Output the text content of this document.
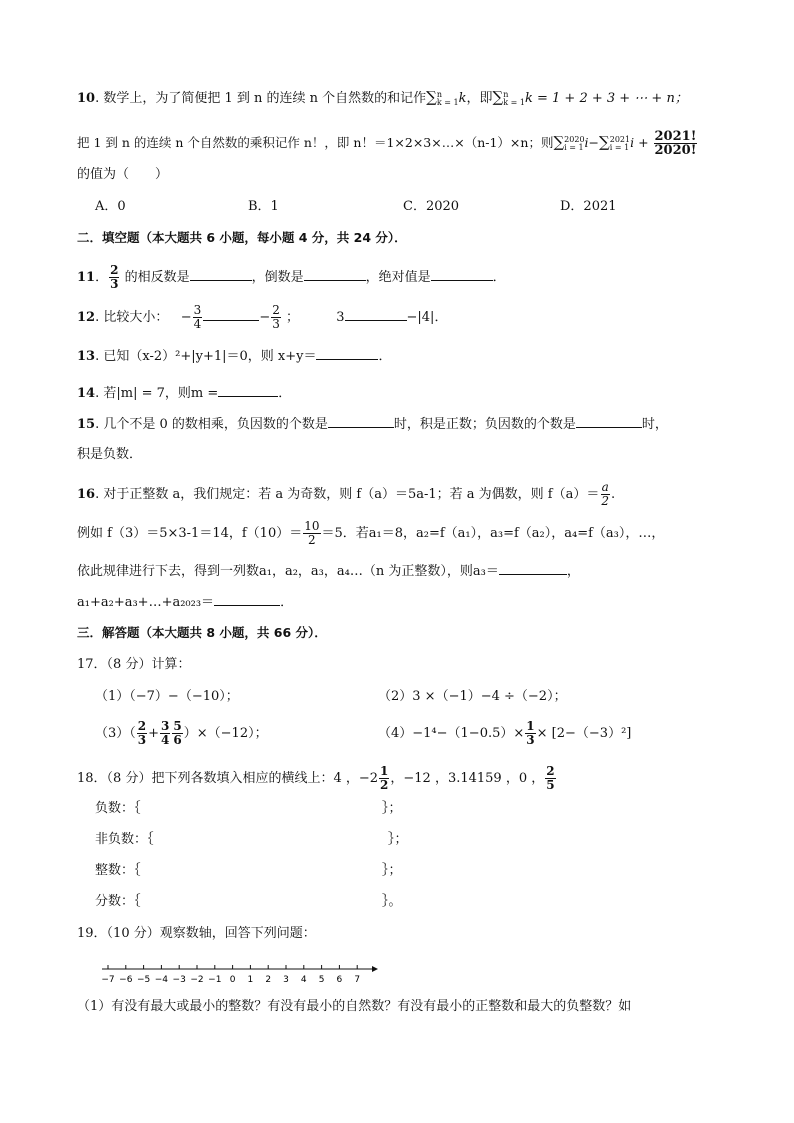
10. 数学上，为了简便把 1 到 n 的连续 n 个自然数的和记作∑ n
k = 1 k，即∑ n
k = 1 k = 1 + 2 + 3 + ⋯ + n；
把 1 到 n 的连续 n 个自然数的乘积记作 n！，即 n！＝1×2×3×…×（n-1）×n；则∑ 2020
i = 1 i−∑ 2021
i = 1 $i + \frac{2021!}{2020!}$
的值为（　　）
A．0	B．1	C．2020	D．2021
二．填空题（本大题共 6 小题，每小题 4 分，共 24 分）．
11． $\frac{2}{3}$ 的相反数是	，倒数是	，绝对值是	．
12. 比较大小： − $\frac{3}{4}$	− $\frac{2}{3}$ ；	3	−|4|．
13. 已知（x-2）²+|y+1|＝0，则 x+y＝	．
14. 若|m| = 7，则m =	．
15. 几个不是 0 的数相乘，负因数的个数是	时，积是正数；负因数的个数是	时，
积是负数．
16. 对于正整数 a，我们规定：若 a 为奇数，则 f（a）＝5a-1；若 a 为偶数，则 $f(a)= \frac{a}{2}$ .
例如 f（3）＝5×3-1＝14，$f(10)= \frac{10}{2} =5$．若a₁＝8，a₂=f（a₁），a₃=f（a₂），a₄=f（a₃），…，
依此规律进行下去，得到一列数a₁，a₂，a₃，a₄…（n 为正整数），则a₃＝	，
a₁+a₂+a₃+…+a₂₀₂₃＝	．
三．解答题（本大题共 8 小题，共 66 分）．
17．（8 分）计算：
（1）（−7）−（−10）；	（2）3 ×（−1）−4 ÷（−2）；
$(3)( \frac{2}{3} + \frac{3}{4} \frac{5}{6} )\times(-12)$；	$(4)-1^4-(1-0.5)\times \frac{1}{3} \times [2-(-3)^2]$
18．（8 分）把下列各数填入相应的横线上：4 ，$-2 \frac{1}{2}$ ，−12 ，3.14159 ，0 ， $\frac{2}{5}$
负数：｛	｝；
非负数：｛	｝；
整数：｛	｝；
分数：｛	｝。
19．（10 分）观察数轴，回答下列问题：
−7 −6 −5 −4 −3 −2 −1 0 1 2 3 4 5 6 7
（1）有没有最大或最小的整数？有没有最小的自然数？有没有最小的正整数和最大的负整数？如
